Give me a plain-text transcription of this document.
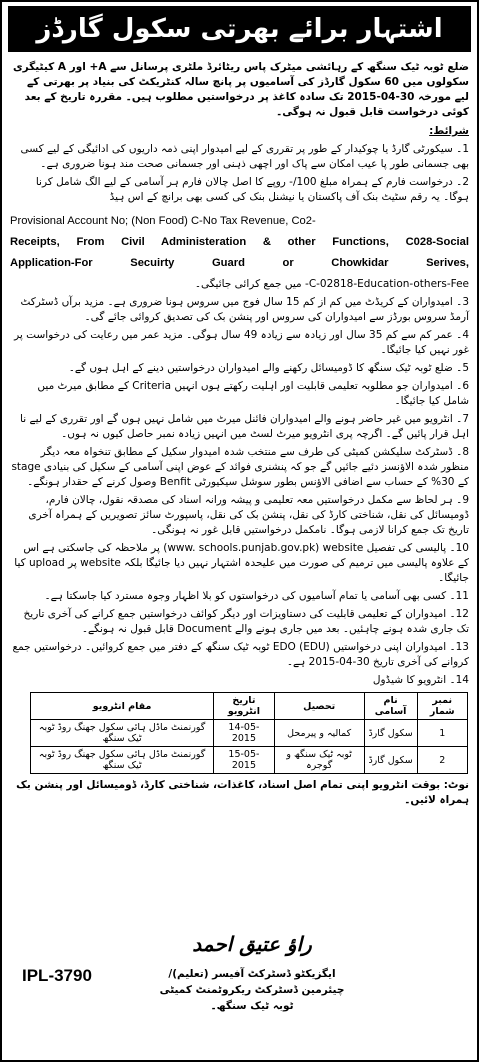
اشتہار برائے بھرتی سکول گارڈز
ضلع ٹوبہ ٹیک سنگھ کے رہائشی میٹرک پاس ریٹائرڈ ملٹری پرسانل سے A+ اور A کیٹیگری سکولوں میں 60 سکول گارڈز کی آسامیوں پر پانچ سالہ کنٹریکٹ کی بنیاد پر بھرتی کے لیے مورخہ 30-04-2015 تک سادہ کاغذ پر درخواستیں مطلوب ہیں۔ مقررہ تاریخ کے بعد کوئی درخواست قابل قبول نہ ہوگی۔
شرائط:
1۔ سیکورٹی گارڈ یا چوکیدار کے طور پر تقرری کے لیے امیدوار اپنی ذمہ داریوں کی ادائیگی کے لیے کسی بھی جسمانی طور پا عیب امکان سے پاک اور اچھی ذہنی اور جسمانی صحت مند ہونا ضروری ہے۔
2۔ درخواست فارم کے ہمراہ مبلغ 100/- روپے کا اصل چالان فارم ہر آسامی کے لیے الگ شامل کرنا ہوگا۔ یہ رقم سٹیٹ بنک آف پاکستان یا نیشنل بنک کی کسی بھی برانچ کے اس ہیڈ
Provisional Account No; (Non Food) C-No Tax Revenue, Co2-
Receipts, From Civil Administeration & other Functions, C028-Social
Application-For Secuirty Guard or Chowkidar Serives,
C-02818-Education-others-Fee- میں جمع کرائی جائیگی۔
3۔ امیدواران کے کریڈٹ میں کم از کم 15 سال فوج میں سروس ہونا ضروری ہے۔ مزید برآں ڈسٹرکٹ آرمڈ سروس بورڈز سے امیدواران کی سروس اور پنشن بک کی تصدیق کروائی جائے گی۔
4۔ عمر کم سے کم 35 سال اور زیادہ سے زیادہ 49 سال ہوگی۔ مزید عمر میں رعایت کی درخواست پر غور نہیں کیا جائیگا۔
5۔ ضلع ٹوبہ ٹیک سنگھ کا ڈومیسائل رکھنے والے امیدواران درخواستیں دینے کے اہل ہوں گے۔
6۔ امیدواران جو مطلوبہ تعلیمی قابلیت اور اہلیت رکھتے ہوں انہیں Criteria کے مطابق میرٹ میں شامل کیا جائیگا۔
7۔ انٹرویو میں غیر حاضر ہونے والے امیدواران فائنل میرٹ میں شامل نہیں ہوں گے اور تقرری کے لیے نا اہل قرار پائیں گے۔ اگرچہ پری انٹرویو میرٹ لسٹ میں انہیں زیادہ نمبر حاصل کیوں نہ ہوں۔
8۔ ڈسٹرکٹ سلیکشن کمیٹی کی طرف سے منتخب شدہ امیدوار سکیل کے مطابق تنخواہ معہ دیگر منظور شدہ الاؤنسز دئیے جائیں گے جو کہ پنشنری فوائد کے عوض اپنی آسامی کے سکیل کی بنیادی stage کے 30% کے حساب سے اضافی الاؤنس بطور سوشل سیکیورٹی Benfit وصول کرنے کے حقدار ہونگے۔
9۔ ہر لحاظ سے مکمل درخواستیں معہ تعلیمی و پیشہ ورانہ اسناد کی مصدقہ نقول، چالان فارم، ڈومیسائل کی نقل، شناختی کارڈ کی نقل، پنشن بک کی نقل، پاسپورٹ سائز تصویریں کے ہمراہ آخری تاریخ تک جمع کرانا لازمی ہوگا۔ نامکمل درخواستیں قابل غور نہ ہونگی۔
10۔ پالیسی کی تفصیل www. schools.punjab.gov.pk) website) پر ملاحظہ کی جاسکتی ہے اس کے علاوہ پالیسی میں ترمیم کی صورت میں علیحدہ اشتہار نہیں دیا جائیگا بلکہ website پر upload کیا جائیگا۔
11۔ کسی بھی آسامی یا تمام آسامیوں کی درخواستوں کو بلا اظہار وجوہ مسترد کیا جاسکتا ہے۔
12۔ امیدواران کے تعلیمی قابلیت کی دستاویزات اور دیگر کوائف درخواستیں جمع کرانے کی آخری تاریخ تک جاری شدہ ہونے چاہئیں۔ بعد میں جاری ہونے والے Document قابل قبول نہ ہونگے۔
13۔ امیدواران اپنی درخواستیں (EDO (EDU ٹوبہ ٹیک سنگھ کے دفتر میں جمع کروائیں۔ درخواستیں جمع کروانے کی آخری تاریخ 30-04-2015 ہے۔
14۔ انٹرویو کا شیڈول
نمبر شمار	نام آسامی	تحصیل	تاریخ انٹرویو	مقام انٹرویو
1	سکول گارڈ	کمالیہ و پیرمحل	14-05-2015	گورنمنٹ ماڈل ہائی سکول جھنگ روڈ ٹوبہ ٹیک سنگھ
2	سکول گارڈ	ٹوبہ ٹیک سنگھ و گوجرہ	15-05-2015	گورنمنٹ ماڈل ہائی سکول جھنگ روڈ ٹوبہ ٹیک سنگھ
نوٹ: بوقت انٹرویو اپنی تمام اصل اسناد، کاغذات، شناختی کارڈ، ڈومیسائل اور پنشن بک ہمراہ لائیں۔
راؤ عتیق احمد
ایگزیکٹو ڈسٹرکٹ آفیسر (تعلیم)/
چیئرمین ڈسٹرکٹ ریکروٹمنٹ کمیٹی
ٹوبہ ٹیک سنگھ۔
IPL-3790
